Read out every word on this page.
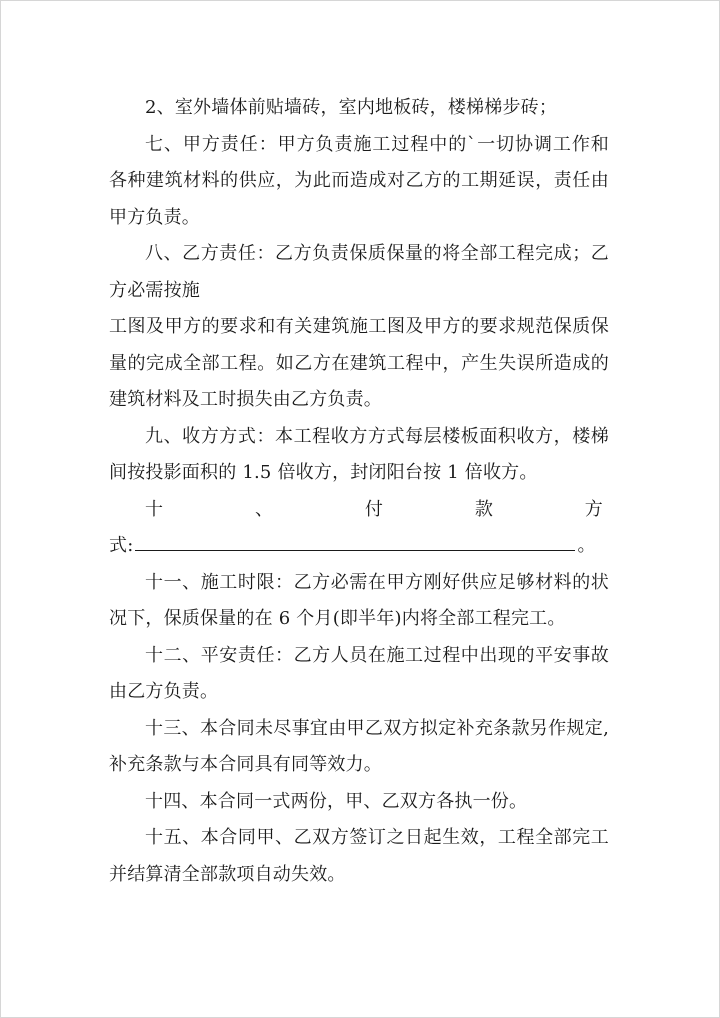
2、室外墙体前贴墙砖，室内地板砖，楼梯梯步砖；

七、甲方责任：甲方负责施工过程中的`一切协调工作和各种建筑材料的供应，为此而造成对乙方的工期延误，责任由甲方负责。

八、乙方责任：乙方负责保质保量的将全部工程完成；乙方必需按施

工图及甲方的要求和有关建筑施工图及甲方的要求规范保质保量的完成全部工程。如乙方在建筑工程中，产生失误所造成的建筑材料及工时损失由乙方负责。

九、收方方式：本工程收方方式每层楼板面积收方，楼梯间按投影面积的 1.5 倍收方，封闭阳台按 1 倍收方。

十	、	付	款	方
式:	。

十一、施工时限：乙方必需在甲方刚好供应足够材料的状况下，保质保量的在 6 个月(即半年)内将全部工程完工。

十二、平安责任：乙方人员在施工过程中出现的平安事故由乙方负责。

十三、本合同未尽事宜由甲乙双方拟定补充条款另作规定,补充条款与本合同具有同等效力。

十四、本合同一式两份，甲、乙双方各执一份。

十五、本合同甲、乙双方签订之日起生效，工程全部完工并结算清全部款项自动失效。
